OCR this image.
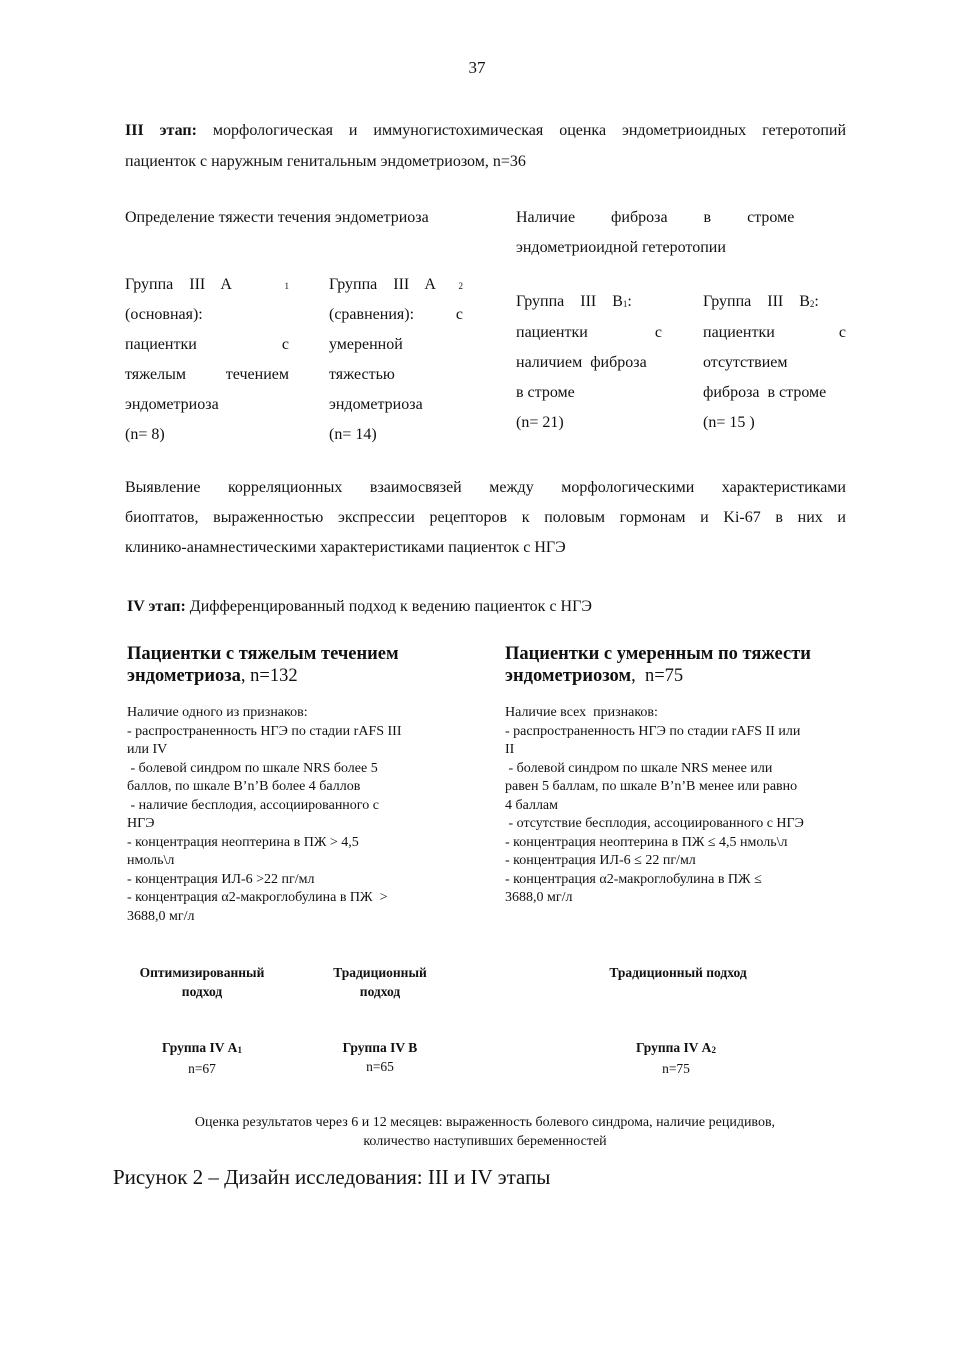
37
III этап: морфологическая и иммуногистохимическая оценка эндометриоидных гетеротопий
пациенток с наружным генитальным эндометриозом, n=36
Определение тяжести течения эндометриоза
Группа    III    A	$_1$
(основная):
пациентки	с
тяжелым течением
эндометриоза
(n= 8)
Группа    III    A	$_2$
(сравнения):	с
умеренной
тяжестью
эндометриоза
(n= 14)
Наличие         фиброза         в         строме
эндометриоидной гетеротопии
Группа    III    $B_1$:
пациентки	с
наличием  фиброза
в строме
(n= 21)
Группа    III    $B_2$:
пациентки	с
отсутствием
фиброза  в строме
(n= 15 )
Выявление корреляционных взаимосвязей между морфологическими характеристиками
биоптатов, выраженностью экспрессии рецепторов к половым гормонам и Ki-67 в них и
клинико-анамнестическими характеристиками пациенток с НГЭ
IV этап: Дифференцированный подход к ведению пациенток с НГЭ
Пациентки с тяжелым течением
эндометриоза, n=132
Наличие одного из признаков:
- распространенность НГЭ по стадии rAFS III
или IV
- болевой синдром по шкале NRS более 5
баллов, по шкале B’n’B более 4 баллов
- наличие бесплодия, ассоциированного с
НГЭ
- концентрация неоптерина в ПЖ > 4,5
нмоль\л
- концентрация ИЛ-6 >22 пг/мл
- концентрация α2-макроглобулина в ПЖ  >
3688,0 мг/л
Пациентки с умеренным по тяжести
эндометриозом,  n=75
Наличие всех  признаков:
- распространенность НГЭ по стадии rAFS II или
II
- болевой синдром по шкале NRS менее или
равен 5 баллам, по шкале B’n’B менее или равно
4 баллам
- отсутствие бесплодия, ассоциированного с НГЭ
- концентрация неоптерина в ПЖ ≤ 4,5 нмоль\л
- концентрация ИЛ-6 ≤ 22 пг/мл
- концентрация α2-макроглобулина в ПЖ ≤
3688,0 мг/л
Оптимизированный
подход
Традиционный
подход
Традиционный подход
Группа IV $А_1$
n=67
Группа IV В
n=65
Группа IV $А_2$
n=75
Оценка результатов через 6 и 12 месяцев: выраженность болевого синдрома, наличие рецидивов,
количество наступивших беременностей
Рисунок 2 – Дизайн исследования: III и IV этапы
